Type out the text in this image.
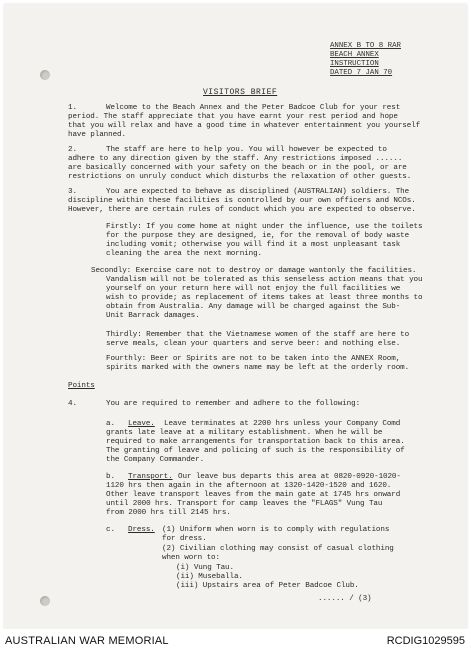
ANNEX B TO 8 RAR
BEACH ANNEX
INSTRUCTION
DATED 7 JAN 70
VISITORS BRIEF
1.	Welcome to the Beach Annex and the Peter Badcoe Club for your rest
period. The staff appreciate that you have earnt your rest period and hope
that you will relax and have a good time in whatever entertainment you yourself
have planned.
2.	The staff are here to help you. You will however be expected to
adhere to any direction given by the staff. Any restrictions imposed ......
are basically concerned with your safety on the beach or in the pool, or are
restrictions on unruly conduct which disturbs the relaxation of other guests.
3.	You are expected to behave as disciplined (AUSTRALIAN) soldiers. The
discipline within these facilities is controlled by our own officers and NCOs.
However, there are certain rules of conduct which you are expected to observe.
Firstly: If you come home at night under the influence, use the toilets
for the purpose they are designed, ie, for the removal of body waste
including vomit; otherwise you will find it a most unpleasant task
cleaning the area the next morning.
Secondly: Exercise care not to destroy or damage wantonly the facilities.
Vandalism will not be tolerated as this senseless action means that you
yourself on your return here will not enjoy the full facilities we
wish to provide; as replacement of items takes at least three months to
obtain from Australia. Any damage will be charged against the Sub-
Unit Barrack damages.
Thirdly: Remember that the Vietnamese women of the staff are here to
serve meals, clean your quarters and serve beer: and nothing else.
Fourthly: Beer or Spirits are not to be taken into the ANNEX Room,
spirits marked with the owners name may be left at the orderly room.
Points
4.	You are required to remember and adhere to the following:
a. Leave. Leave terminates at 2200 hrs unless your Company Comd
grants late leave at a military establishment. When he will be
required to make arrangements for transportation back to this area.
The granting of leave and policing of such is the responsibility of
the Company Commander.
b. Transport. Our leave bus departs this area at 0820-0920-1020-
1120 hrs then again in the afternoon at 1320-1420-1520 and 1620.
Other leave transport leaves from the main gate at 1745 hrs onward
until 2000 hrs. Transport for camp leaves the "FLAGS" Vung Tau
from 2000 hrs till 2145 hrs.
c. Dress. (1) Uniform when worn is to comply with regulations
for dress.
(2) Civilian clothing may consist of casual clothing
when worn to:
(i) Vung Tau.
(ii) Museballa.
(iii) Upstairs area of Peter Badcoe Club.
...... / (3)
AUSTRALIAN WAR MEMORIAL	RCDIG1029595
